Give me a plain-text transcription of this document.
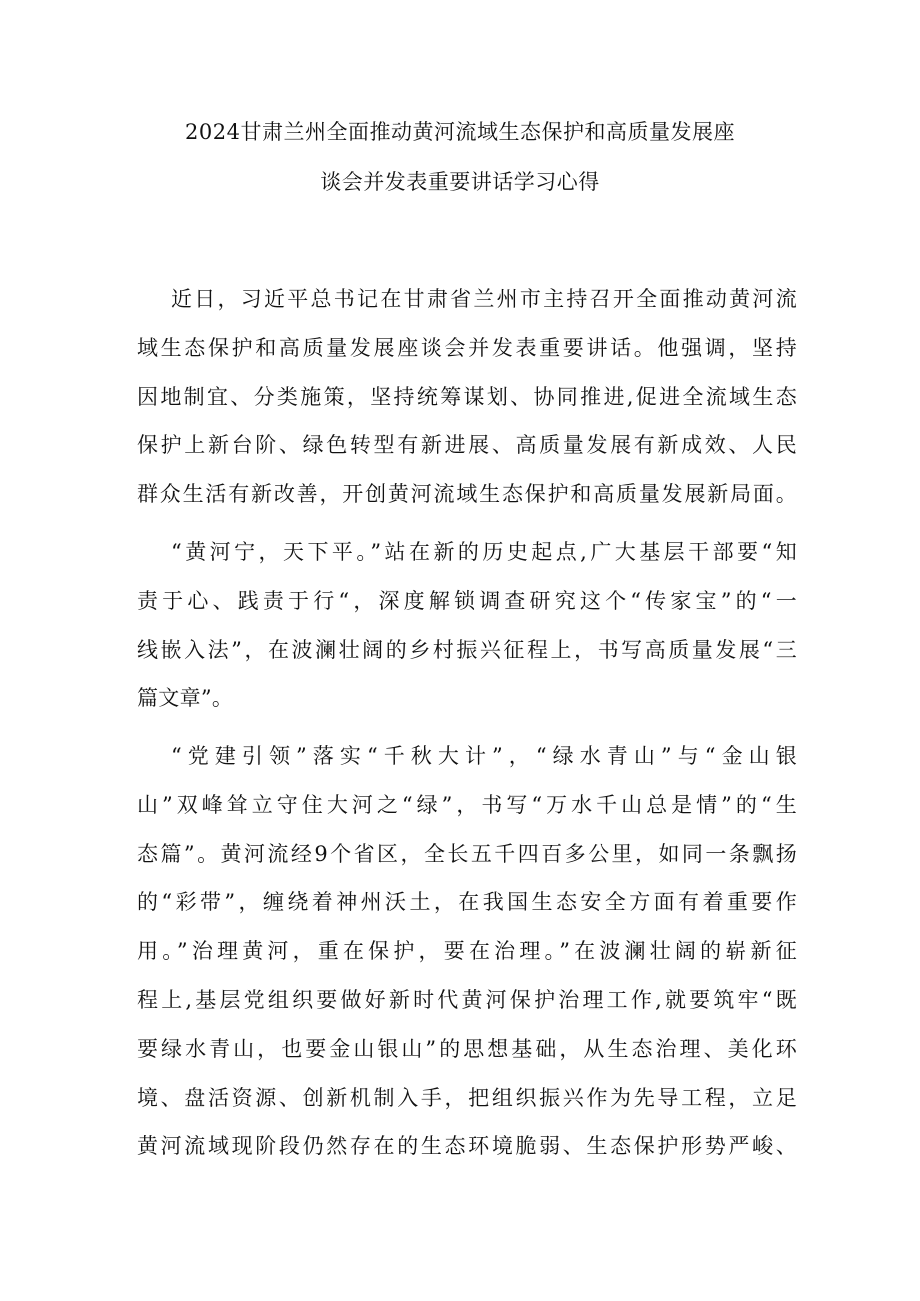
2024甘肃兰州全面推动黄河流域生态保护和高质量发展座
谈会并发表重要讲话学习心得
近日，习近平总书记在甘肃省兰州市主持召开全面推动黄河流
域生态保护和高质量发展座谈会并发表重要讲话。他强调，坚持
因地制宜、分类施策，坚持统筹谋划、协同推进,促进全流域生态
保护上新台阶、绿色转型有新进展、高质量发展有新成效、人民
群众生活有新改善，开创黄河流域生态保护和高质量发展新局面。
“黄河宁，天下平。”站在新的历史起点,广大基层干部要“知
责于心、践责于行“，深度解锁调查研究这个“传家宝”的“一
线嵌入法”，在波澜壮阔的乡村振兴征程上，书写高质量发展“三
篇文章”。
“党建引领”落实“千秋大计”，“绿水青山”与“金山银
山”双峰耸立守住大河之“绿”，书写“万水千山总是情”的“生
态篇”。黄河流经9个省区，全长五千四百多公里，如同一条飘扬
的“彩带”，缠绕着神州沃土，在我国生态安全方面有着重要作
用。”治理黄河，重在保护，要在治理。”在波澜壮阔的崭新征
程上,基层党组织要做好新时代黄河保护治理工作,就要筑牢“既
要绿水青山，也要金山银山”的思想基础，从生态治理、美化环
境、盘活资源、创新机制入手，把组织振兴作为先导工程，立足
黄河流域现阶段仍然存在的生态环境脆弱、生态保护形势严峻、
